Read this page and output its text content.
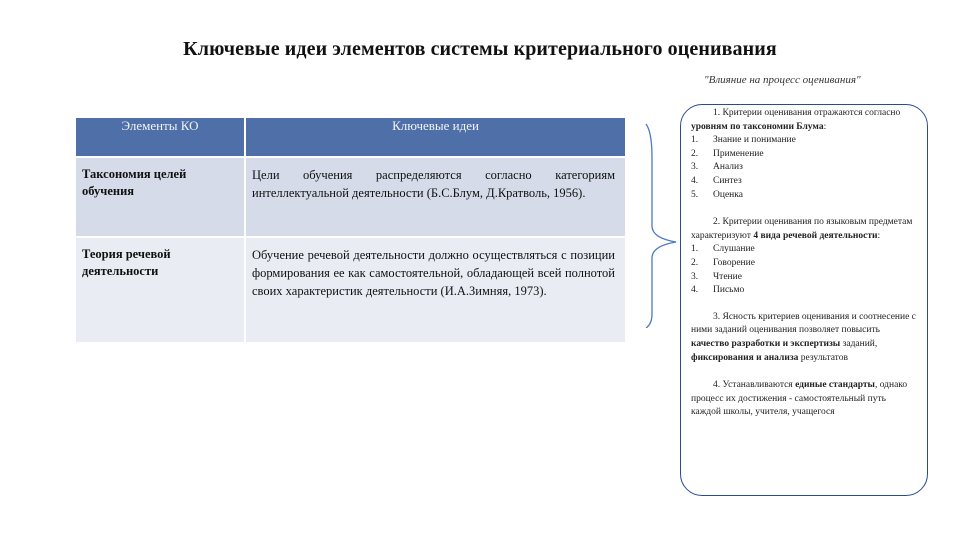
Ключевые идеи элементов системы критериального оценивания
"Влияние на процесс оценивания"
Элементы КО	Ключевые идеи
Таксономия целей обучения	Цели обучения распределяются согласно категориям интеллектуальной деятельности (Б.С.Блум, Д.Кратволь, 1956).
Теория речевой деятельности	Обучение речевой деятельности должно осуществляться с позиции формирования ее как самостоятельной, обладающей всей полнотой своих характеристик деятельности (И.А.Зимняя, 1973).
1. Критерии оценивания отражаются согласно уровням по таксономии Блума:
1.	Знание и понимание
2.	Применение
3.	Анализ
4.	Синтез
5.	Оценка
2. Критерии оценивания по языковым предметам характеризуют 4 вида речевой деятельности:
1.	Слушание
2.	Говорение
3.	Чтение
4.	Письмо
3. Ясность критериев оценивания и соотнесение с ними заданий оценивания позволяет повысить качество разработки и экспертизы заданий, фиксирования и анализа результатов
4. Устанавливаются единые стандарты, однако процесс их достижения - самостоятельный путь каждой школы, учителя, учащегося
